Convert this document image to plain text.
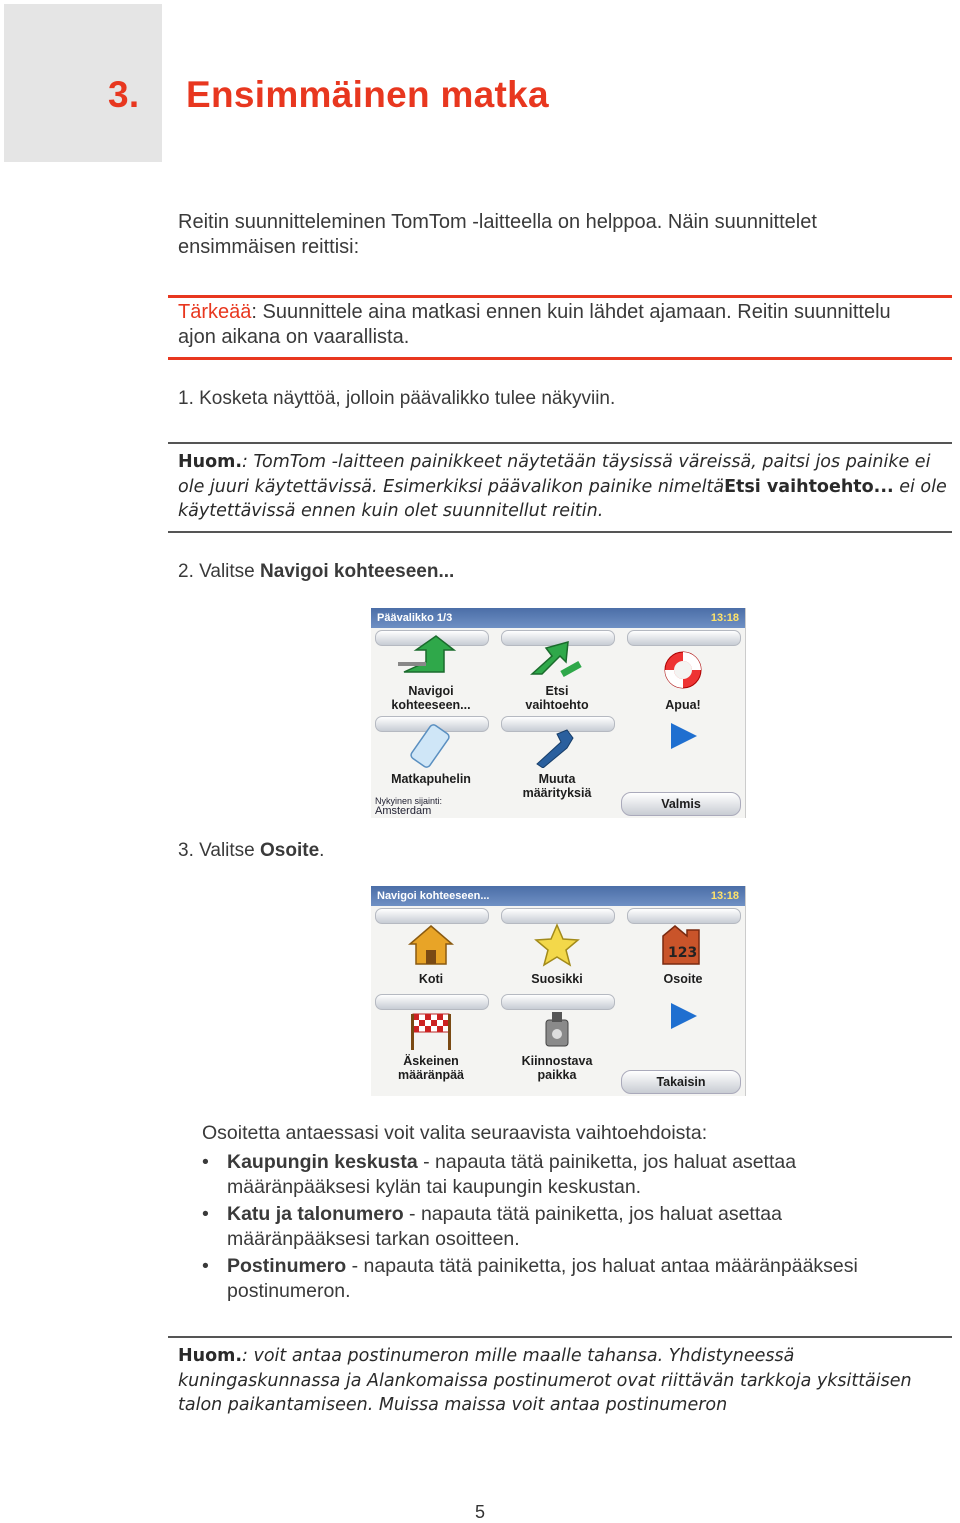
3. Ensimmäinen matka
Reitin suunnitteleminen TomTom -laitteella on helppoa. Näin suunnittelet ensimmäisen reittisi:
Tärkeää: Suunnittele aina matkasi ennen kuin lähdet ajamaan. Reitin suunnittelu ajon aikana on vaarallista.
1. Kosketa näyttöä, jolloin päävalikko tulee näkyviin.
Huom.: TomTom -laitteen painikkeet näytetään täysissä väreissä, paitsi jos painike ei ole juuri käytettävissä. Esimerkiksi päävalikon painike nimeltäEtsi vaihtoehto... ei ole käytettävissä ennen kuin olet suunnitellut reitin.
2. Valitse Navigoi kohteeseen...
Päävalikko 1/3	13:18
Navigoi kohteeseen...
Etsi vaihtoehto	Apua!
Matkapuhelin	Muuta määrityksiä
Nykyinen sijainti:
Amsterdam	Valmis
3. Valitse Osoite.
Navigoi kohteeseen...	13:18
Koti	Suosikki
123
Osoite
Äskeinen määränpää
Kiinnostava paikka	Takaisin
Osoitetta antaessasi voit valita seuraavista vaihtoehdoista:
• Kaupungin keskusta - napauta tätä painiketta, jos haluat asettaa määränpääksesi kylän tai kaupungin keskustan.
• Katu ja talonumero - napauta tätä painiketta, jos haluat asettaa määränpääksesi tarkan osoitteen.
• Postinumero - napauta tätä painiketta, jos haluat antaa määränpääksesi postinumeron.
Huom.: voit antaa postinumeron mille maalle tahansa. Yhdistyneessä kuningaskunnassa ja Alankomaissa postinumerot ovat riittävän tarkkoja yksittäisen talon paikantamiseen. Muissa maissa voit antaa postinumeron
5
